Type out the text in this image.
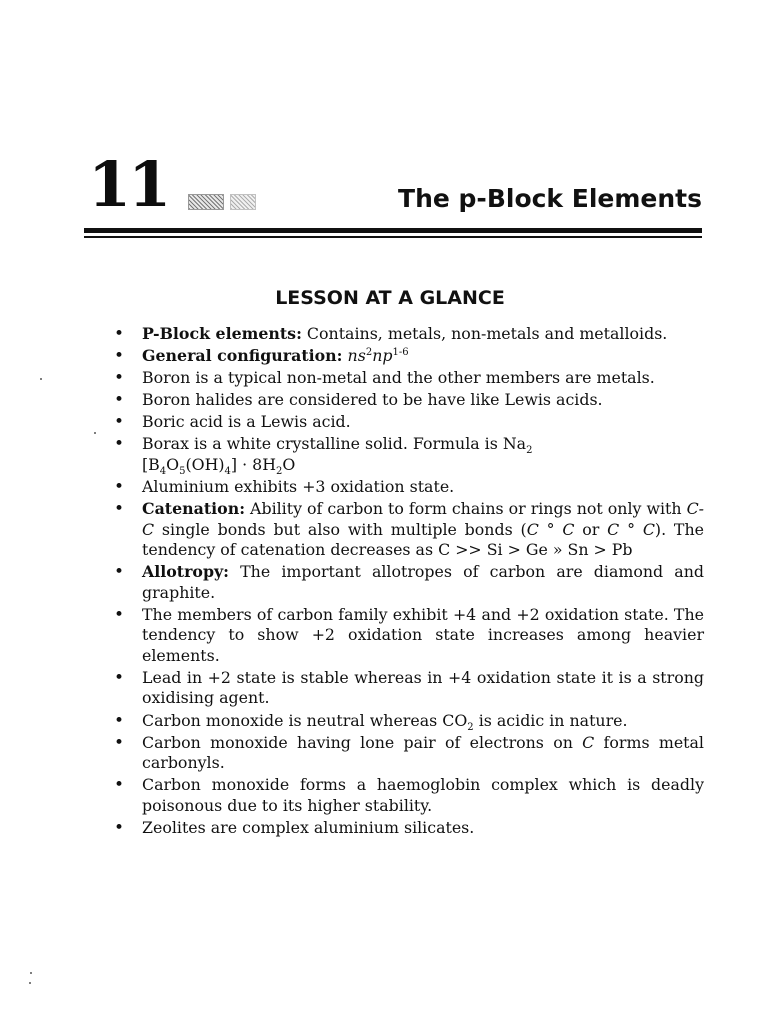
11	The p-Block Elements
LESSON AT A GLANCE
• P-Block elements: Contains, metals, non-metals and metalloids.
• General configuration: $ns^2np^{1-6}$
• Boron is a typical non-metal and the other members are metals.
• Boron halides are considered to be have like Lewis acids.
• Boric acid is a Lewis acid.
• Borax is a white crystalline solid. Formula is $Na_2$
$[B_4O_5(OH)_4] \cdot 8H_2O$
• Aluminium exhibits +3 oxidation state.
• Catenation: Ability of carbon to form chains or rings not only with C-C single bonds but also with multiple bonds (C ° C or C ° C). The tendency of catenation decreases as C >> Si > Ge » Sn > Pb
• Allotropy: The important allotropes of carbon are diamond and graphite.
• The members of carbon family exhibit +4 and +2 oxidation state. The tendency to show +2 oxidation state increases among heavier elements.
• Lead in +2 state is stable whereas in +4 oxidation state it is a strong oxidising agent.
• Carbon monoxide is neutral whereas $CO_2$ is acidic in nature.
• Carbon monoxide having lone pair of electrons on C forms metal carbonyls.
• Carbon monoxide forms a haemoglobin complex which is deadly poisonous due to its higher stability.
• Zeolites are complex aluminium silicates.
